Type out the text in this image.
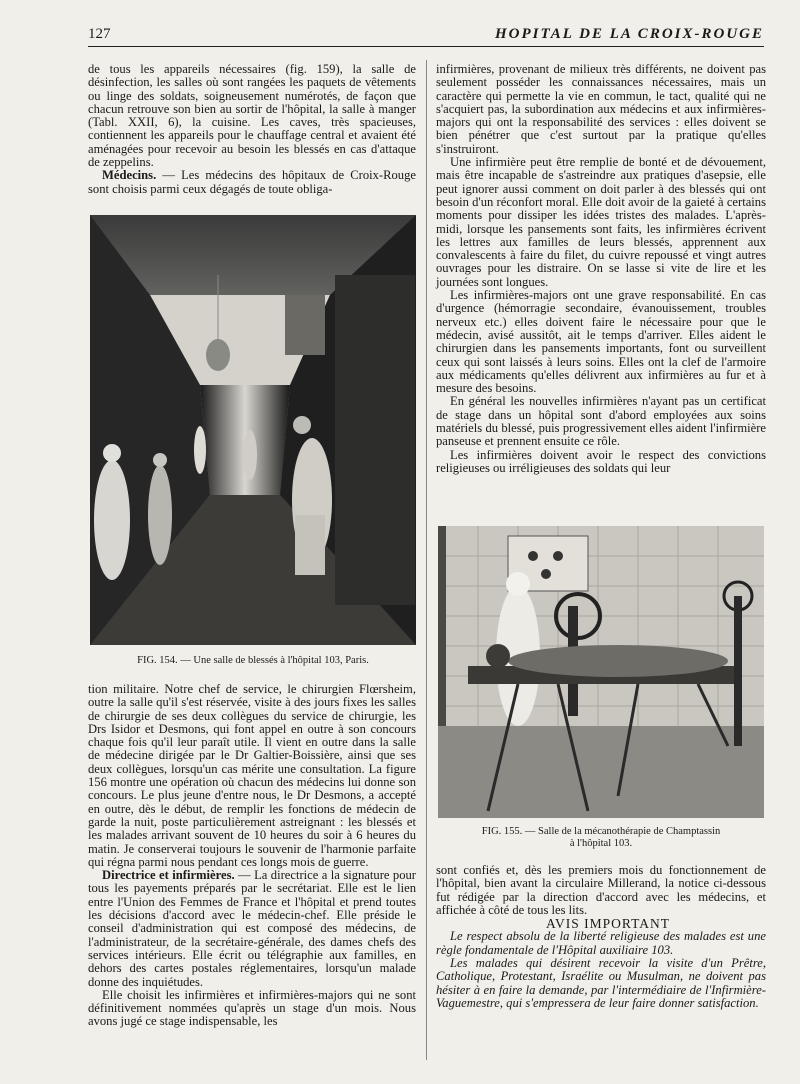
127	HOPITAL DE LA CROIX-ROUGE

de tous les appareils nécessaires (fig. 159), la salle de désinfection, les salles où sont rangées les paquets de vêtements ou linge des soldats, soigneusement numérotés, de façon que chacun retrouve son bien au sortir de l'hôpital, la salle à manger (Tabl. XXII, 6), la cuisine. Les caves, très spacieuses, contiennent les appareils pour le chauffage central et avaient été aménagées pour recevoir au besoin les blessés en cas d'attaque de zeppelins.

Médecins. — Les médecins des hôpitaux de Croix-Rouge sont choisis parmi ceux dégagés de toute obliga-

FIG. 154. — Une salle de blessés à l'hôpital 103, Paris.

tion militaire. Notre chef de service, le chirurgien Flœrsheim, outre la salle qu'il s'est réservée, visite à des jours fixes les salles de chirurgie de ses deux collègues du service de chirurgie, les Drs Isidor et Desmons, qui font appel en outre à son concours chaque fois qu'il leur paraît utile. Il vient en outre dans la salle de médecine dirigée par le Dr Galtier-Boissière, ainsi que ses deux collègues, lorsqu'un cas mérite une consultation. La figure 156 montre une opération où chacun des médecins lui donne son concours. Le plus jeune d'entre nous, le Dr Desmons, a accepté en outre, dès le début, de remplir les fonctions de médecin de garde la nuit, poste particulièrement astreignant : les blessés et les malades arrivant souvent de 10 heures du soir à 6 heures du matin. Je conserverai toujours le souvenir de l'harmonie parfaite qui régna parmi nous pendant ces longs mois de guerre.

Directrice et infirmières. — La directrice a la signature pour tous les payements préparés par le secrétariat. Elle est le lien entre l'Union des Femmes de France et l'hôpital et prend toutes les décisions d'accord avec le médecin-chef. Elle préside le conseil d'administration qui est composé des médecins, de l'administrateur, de la secrétaire-générale, des dames chefs des services intérieurs. Elle écrit ou télégraphie aux familles, en dehors des cartes postales réglementaires, lorsqu'un malade donne des inquiétudes.

Elle choisit les infirmières et infirmières-majors qui ne sont définitivement nommées qu'après un stage d'un mois. Nous avons jugé ce stage indispensable, les

infirmières, provenant de milieux très différents, ne doivent pas seulement posséder les connaissances nécessaires, mais un caractère qui permette la vie en commun, le tact, qualité qui ne s'acquiert pas, la subordination aux médecins et aux infirmières-majors qui ont la responsabilité des services : elles doivent se bien pénétrer que c'est surtout par la pratique qu'elles s'instruiront.

Une infirmière peut être remplie de bonté et de dévouement, mais être incapable de s'astreindre aux pratiques d'asepsie, elle peut ignorer aussi comment on doit parler à des blessés qui ont besoin d'un réconfort moral. Elle doit avoir de la gaieté à certains moments pour dissiper les idées tristes des malades. L'après-midi, lorsque les pansements sont faits, les infirmières écrivent les lettres aux familles de leurs blessés, apprennent aux convalescents à faire du filet, du cuivre repoussé et vingt autres ouvrages pour les distraire. On se lasse si vite de lire et les journées sont longues.

Les infirmières-majors ont une grave responsabilité. En cas d'urgence (hémorragie secondaire, évanouissement, troubles nerveux etc.) elles doivent faire le nécessaire pour que le médecin, avisé aussitôt, ait le temps d'arriver. Elles aident le chirurgien dans les pansements importants, font ou surveillent ceux qui sont laissés à leurs soins. Elles ont la clef de l'armoire aux médicaments qu'elles délivrent aux infirmières au fur et à mesure des besoins.

En général les nouvelles infirmières n'ayant pas un certificat de stage dans un hôpital sont d'abord employées aux soins matériels du blessé, puis progressivement elles aident l'infirmière panseuse et prennent ensuite ce rôle.

Les infirmières doivent avoir le respect des convictions religieuses ou irréligieuses des soldats qui leur

FIG. 155. — Salle de la mécanothérapie de Champtassin
à l'hôpital 103.

sont confiés et, dès les premiers mois du fonctionnement de l'hôpital, bien avant la circulaire Millerand, la notice ci-dessous fut rédigée par la direction d'accord avec les médecins, et affichée à côté de tous les lits.

AVIS IMPORTANT

Le respect absolu de la liberté religieuse des malades est une règle fondamentale de l'Hôpital auxiliaire 103.

Les malades qui désirent recevoir la visite d'un Prêtre, Catholique, Protestant, Israélite ou Musulman, ne doivent pas hésiter à en faire la demande, par l'intermédiaire de l'Infirmière-Vaguemestre, qui s'empressera de leur faire donner satisfaction.
